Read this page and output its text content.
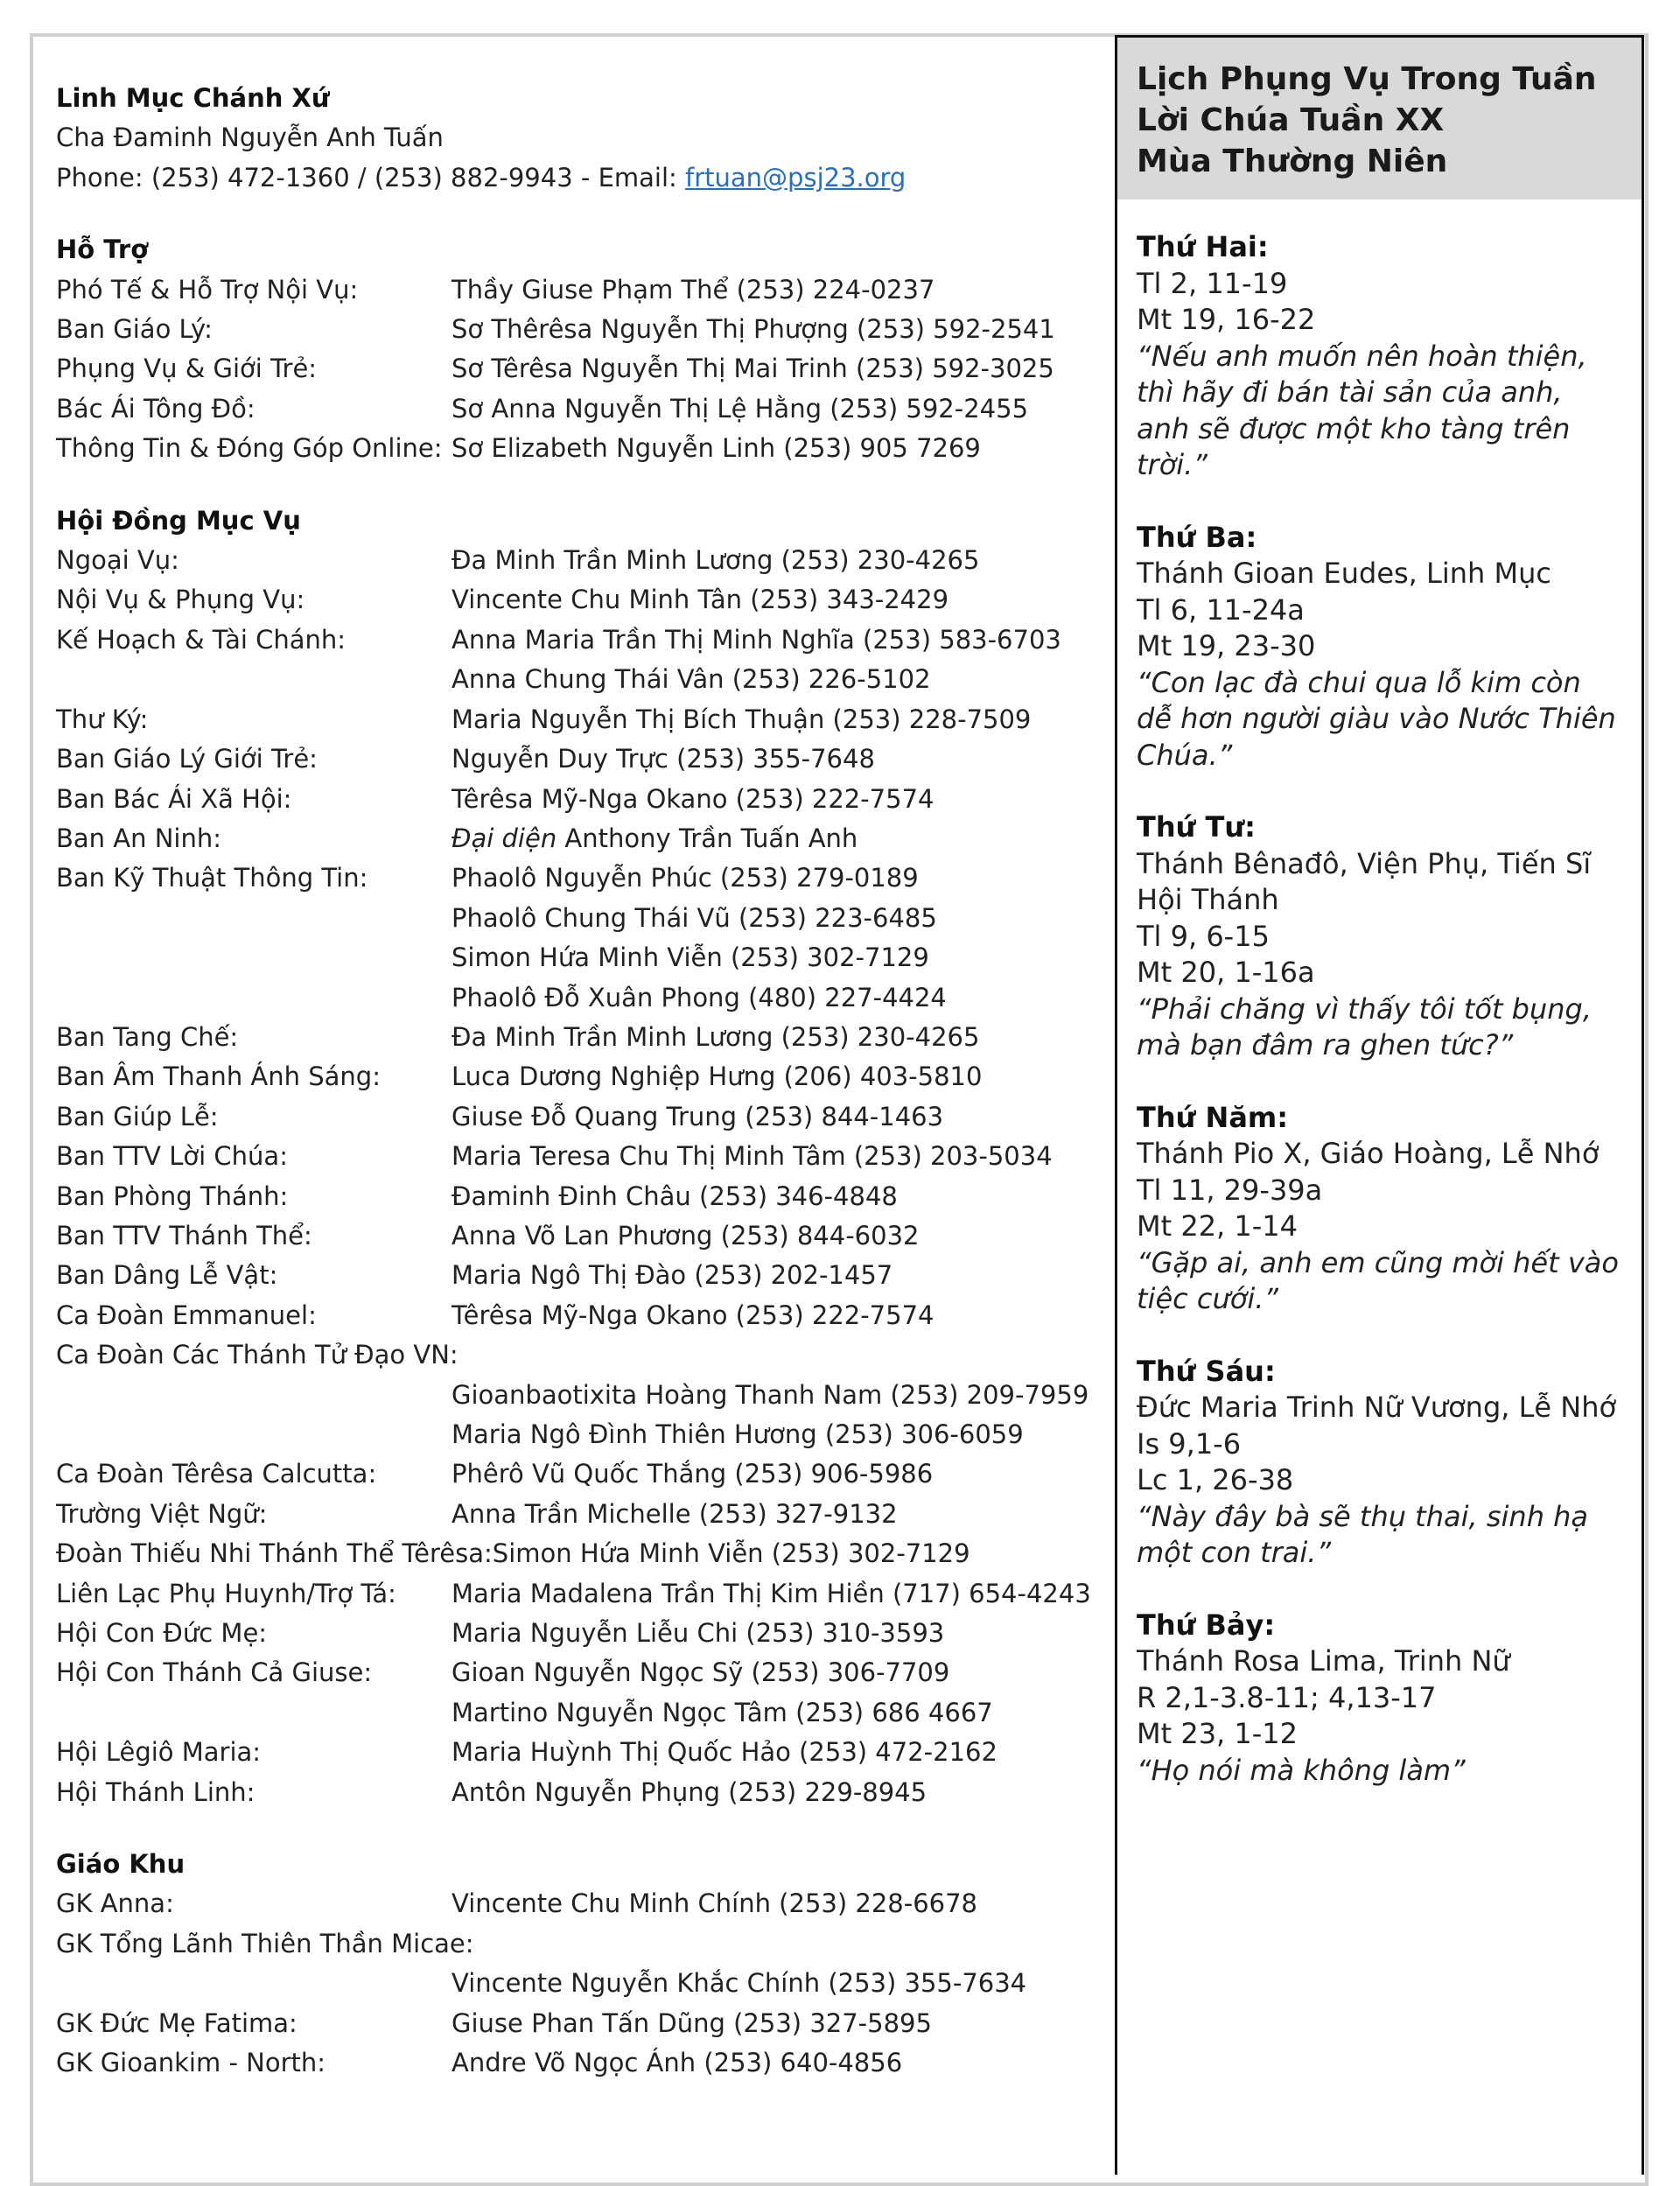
Linh Mục Chánh Xứ
Cha Đaminh Nguyễn Anh Tuấn
Phone: (253) 472-1360 / (253) 882-9943 - Email: frtuan@psj23.org
Hỗ Trợ
Phó Tế & Hỗ Trợ Nội Vụ:	Thầy Giuse Phạm Thể (253) 224-0237
Ban Giáo Lý:	Sơ Thêrêsa Nguyễn Thị Phượng (253) 592-2541
Phụng Vụ & Giới Trẻ:	Sơ Têrêsa Nguyễn Thị Mai Trinh (253) 592-3025
Bác Ái Tông Đồ:	Sơ Anna Nguyễn Thị Lệ Hằng (253) 592-2455
Thông Tin & Đóng Góp Online: Sơ Elizabeth Nguyễn Linh (253) 905 7269
Hội Đồng Mục Vụ
Ngoại Vụ:	Đa Minh Trần Minh Lương (253) 230-4265
Nội Vụ & Phụng Vụ:	Vincente Chu Minh Tân (253) 343-2429
Kế Hoạch & Tài Chánh:	Anna Maria Trần Thị Minh Nghĩa (253) 583-6703
Anna Chung Thái Vân (253) 226-5102
Thư Ký:	Maria Nguyễn Thị Bích Thuận (253) 228-7509
Ban Giáo Lý Giới Trẻ:	Nguyễn Duy Trực (253) 355-7648
Ban Bác Ái Xã Hội:	Têrêsa Mỹ-Nga Okano (253) 222-7574
Ban An Ninh:	Đại diện Anthony Trần Tuấn Anh
Ban Kỹ Thuật Thông Tin:	Phaolô Nguyễn Phúc (253) 279-0189
Phaolô Chung Thái Vũ (253) 223-6485
Simon Hứa Minh Viễn (253) 302-7129
Phaolô Đỗ Xuân Phong (480) 227-4424
Ban Tang Chế:	Đa Minh Trần Minh Lương (253) 230-4265
Ban Âm Thanh Ánh Sáng:	Luca Dương Nghiệp Hưng (206) 403-5810
Ban Giúp Lễ:	Giuse Đỗ Quang Trung (253) 844-1463
Ban TTV Lời Chúa:	Maria Teresa Chu Thị Minh Tâm (253) 203-5034
Ban Phòng Thánh:	Đaminh Đinh Châu (253) 346-4848
Ban TTV Thánh Thể:	Anna Võ Lan Phương (253) 844-6032
Ban Dâng Lễ Vật:	Maria Ngô Thị Đào (253) 202-1457
Ca Đoàn Emmanuel:	Têrêsa Mỹ-Nga Okano (253) 222-7574
Ca Đoàn Các Thánh Tử Đạo VN:
Gioanbaotixita Hoàng Thanh Nam (253) 209-7959
Maria Ngô Đình Thiên Hương (253) 306-6059
Ca Đoàn Têrêsa Calcutta:	Phêrô Vũ Quốc Thắng (253) 906-5986
Trường Việt Ngữ:	Anna Trần Michelle (253) 327-9132
Đoàn Thiếu Nhi Thánh Thể Têrêsa: Simon Hứa Minh Viễn (253) 302-7129
Liên Lạc Phụ Huynh/Trợ Tá:	Maria Madalena Trần Thị Kim Hiền (717) 654-4243
Hội Con Đức Mẹ:	Maria Nguyễn Liễu Chi (253) 310-3593
Hội Con Thánh Cả Giuse:	Gioan Nguyễn Ngọc Sỹ (253) 306-7709
Martino Nguyễn Ngọc Tâm (253) 686 4667
Hội Lêgiô Maria:	Maria Huỳnh Thị Quốc Hảo (253) 472-2162
Hội Thánh Linh:	Antôn Nguyễn Phụng (253) 229-8945
Giáo Khu
GK Anna:	Vincente Chu Minh Chính (253) 228-6678
GK Tổng Lãnh Thiên Thần Micae:
Vincente Nguyễn Khắc Chính (253) 355-7634
GK Đức Mẹ Fatima:	Giuse Phan Tấn Dũng (253) 327-5895
GK Gioankim - North:	Andre Võ Ngọc Ánh (253) 640-4856
Lịch Phụng Vụ Trong Tuần
Lời Chúa Tuần XX
Mùa Thường Niên
Thứ Hai:
Tl 2, 11-19
Mt 19, 16-22
“Nếu anh muốn nên hoàn thiện, thì hãy đi bán tài sản của anh, anh sẽ được một kho tàng trên trời.”
Thứ Ba:
Thánh Gioan Eudes, Linh Mục
Tl 6, 11-24a
Mt 19, 23-30
“Con lạc đà chui qua lỗ kim còn dễ hơn người giàu vào Nước Thiên Chúa.”
Thứ Tư:
Thánh Bênađô, Viện Phụ, Tiến Sĩ Hội Thánh
Tl 9, 6-15
Mt 20, 1-16a
“Phải chăng vì thấy tôi tốt bụng, mà bạn đâm ra ghen tức?”
Thứ Năm:
Thánh Pio X, Giáo Hoàng, Lễ Nhớ
Tl 11, 29-39a
Mt 22, 1-14
“Gặp ai, anh em cũng mời hết vào tiệc cưới.”
Thứ Sáu:
Đức Maria Trinh Nữ Vương, Lễ Nhớ
Is 9,1-6
Lc 1, 26-38
“Này đây bà sẽ thụ thai, sinh hạ một con trai.”
Thứ Bảy:
Thánh Rosa Lima, Trinh Nữ
R 2,1-3.8-11; 4,13-17
Mt 23, 1-12
“Họ nói mà không làm”
